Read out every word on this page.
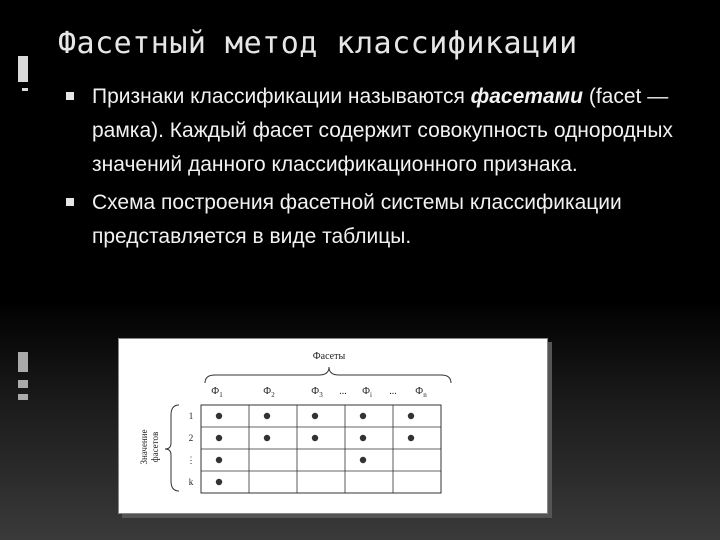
Фасетный метод классификации
Признаки классификации называются фасетами (facet — рамка). Каждый фасет содержит совокупность однородных значений данного классификационного признака.
Схема построения фасетной системы классификации представляется в виде таблицы.
Фасеты
Значениефасетов
$Ф_1$	$Ф_2$	$Ф_3$ ... $Ф_i$ ... $Ф_n$
1
2
⋮
k
